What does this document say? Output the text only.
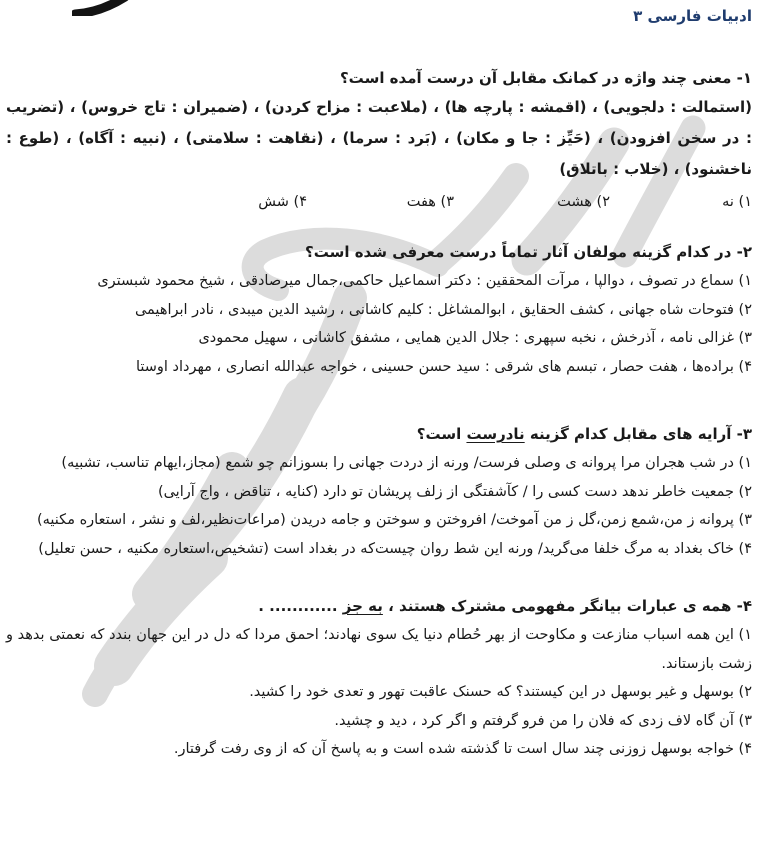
ادبیات فارسی ۳
۱- معنی چند واژه در کمانک مقابل آن درست آمده است؟

(استمالت : دلجویی) ، (اقمشه : پارچه ها) ، (ملاعبت : مزاح کردن) ، (ضمیران : تاج خروس) ، (تضریب : در سخن افزودن) ، (حَیِّز : جا و مکان) ، (بَرد : سرما) ، (نقاهت : سلامتی) ، (نبیه : آگاه) ، (طوع : ناخشنود) ، (خلاب : باتلاق)

۱) نه
۲) هشت
۳) هفت
۴) شش
۲- در کدام گزینه مولفان آثار تماماً درست معرفی شده است؟
۱) سماع در تصوف ، دوالپا ، مرآت المحققین : دکتر اسماعیل حاکمی،جمال میرصادقی ، شیخ محمود شبستری
۲) فتوحات شاه جهانی ، کشف الحقایق ، ابوالمشاغل : کلیم کاشانی ، رشید الدین میبدی ، نادر ابراهیمی
۳) غزالی نامه ، آذرخش ، نخبه سپهری : جلال الدین همایی ، مشفق کاشانی ، سهیل محمودی
۴) براده‌ها ، هفت حصار ، تبسم های شرقی : سید حسن حسینی ، خواجه عبدالله انصاری ، مهرداد اوستا
۳- آرایه های مقابل کدام گزینه نادرست است؟
۱) در شب هجران مرا پروانه ی وصلی فرست/ ورنه از دردت جهانی را بسوزانم چو شمع (مجاز،ایهام تناسب، تشبیه)
۲) جمعیت خاطر ندهد دست کسی را / کآشفتگی از زلف پریشان تو دارد (کنایه ، تناقض ، واج آرایی)
۳) پروانه ز من،شمع زمن،گل ز من آموخت/ افروختن و سوختن و جامه دریدن (مراعات‌نظیر،لف و نشر ، استعاره مکنیه)
۴) خاک بغداد به مرگ خلفا می‌گرید/ ورنه این شط روان چیست‌که در بغداد است (تشخیص،استعاره مکنیه ، حسن تعلیل)
۴- همه ی عبارات بیانگر مفهومی مشترک هستند ، به جز ............ .
۱) این همه اسباب منازعت و مکاوحت از بهر حُطام دنیا یک سوی نهادند؛ احمق مردا که دل در این جهان بندد که نعمتی بدهد و زشت بازستاند.
۲) بوسهل و غیر بوسهل در این کیستند؟ که حسنک عاقبت تهور و تعدی خود را کشید.
۳) آن گاه لاف زدی که فلان را من فرو گرفتم و اگر کرد ، دید و چشید.
۴) خواجه بوسهل زوزنی چند سال است تا گذشته شده است و به پاسخ آن که از وی رفت گرفتار.
